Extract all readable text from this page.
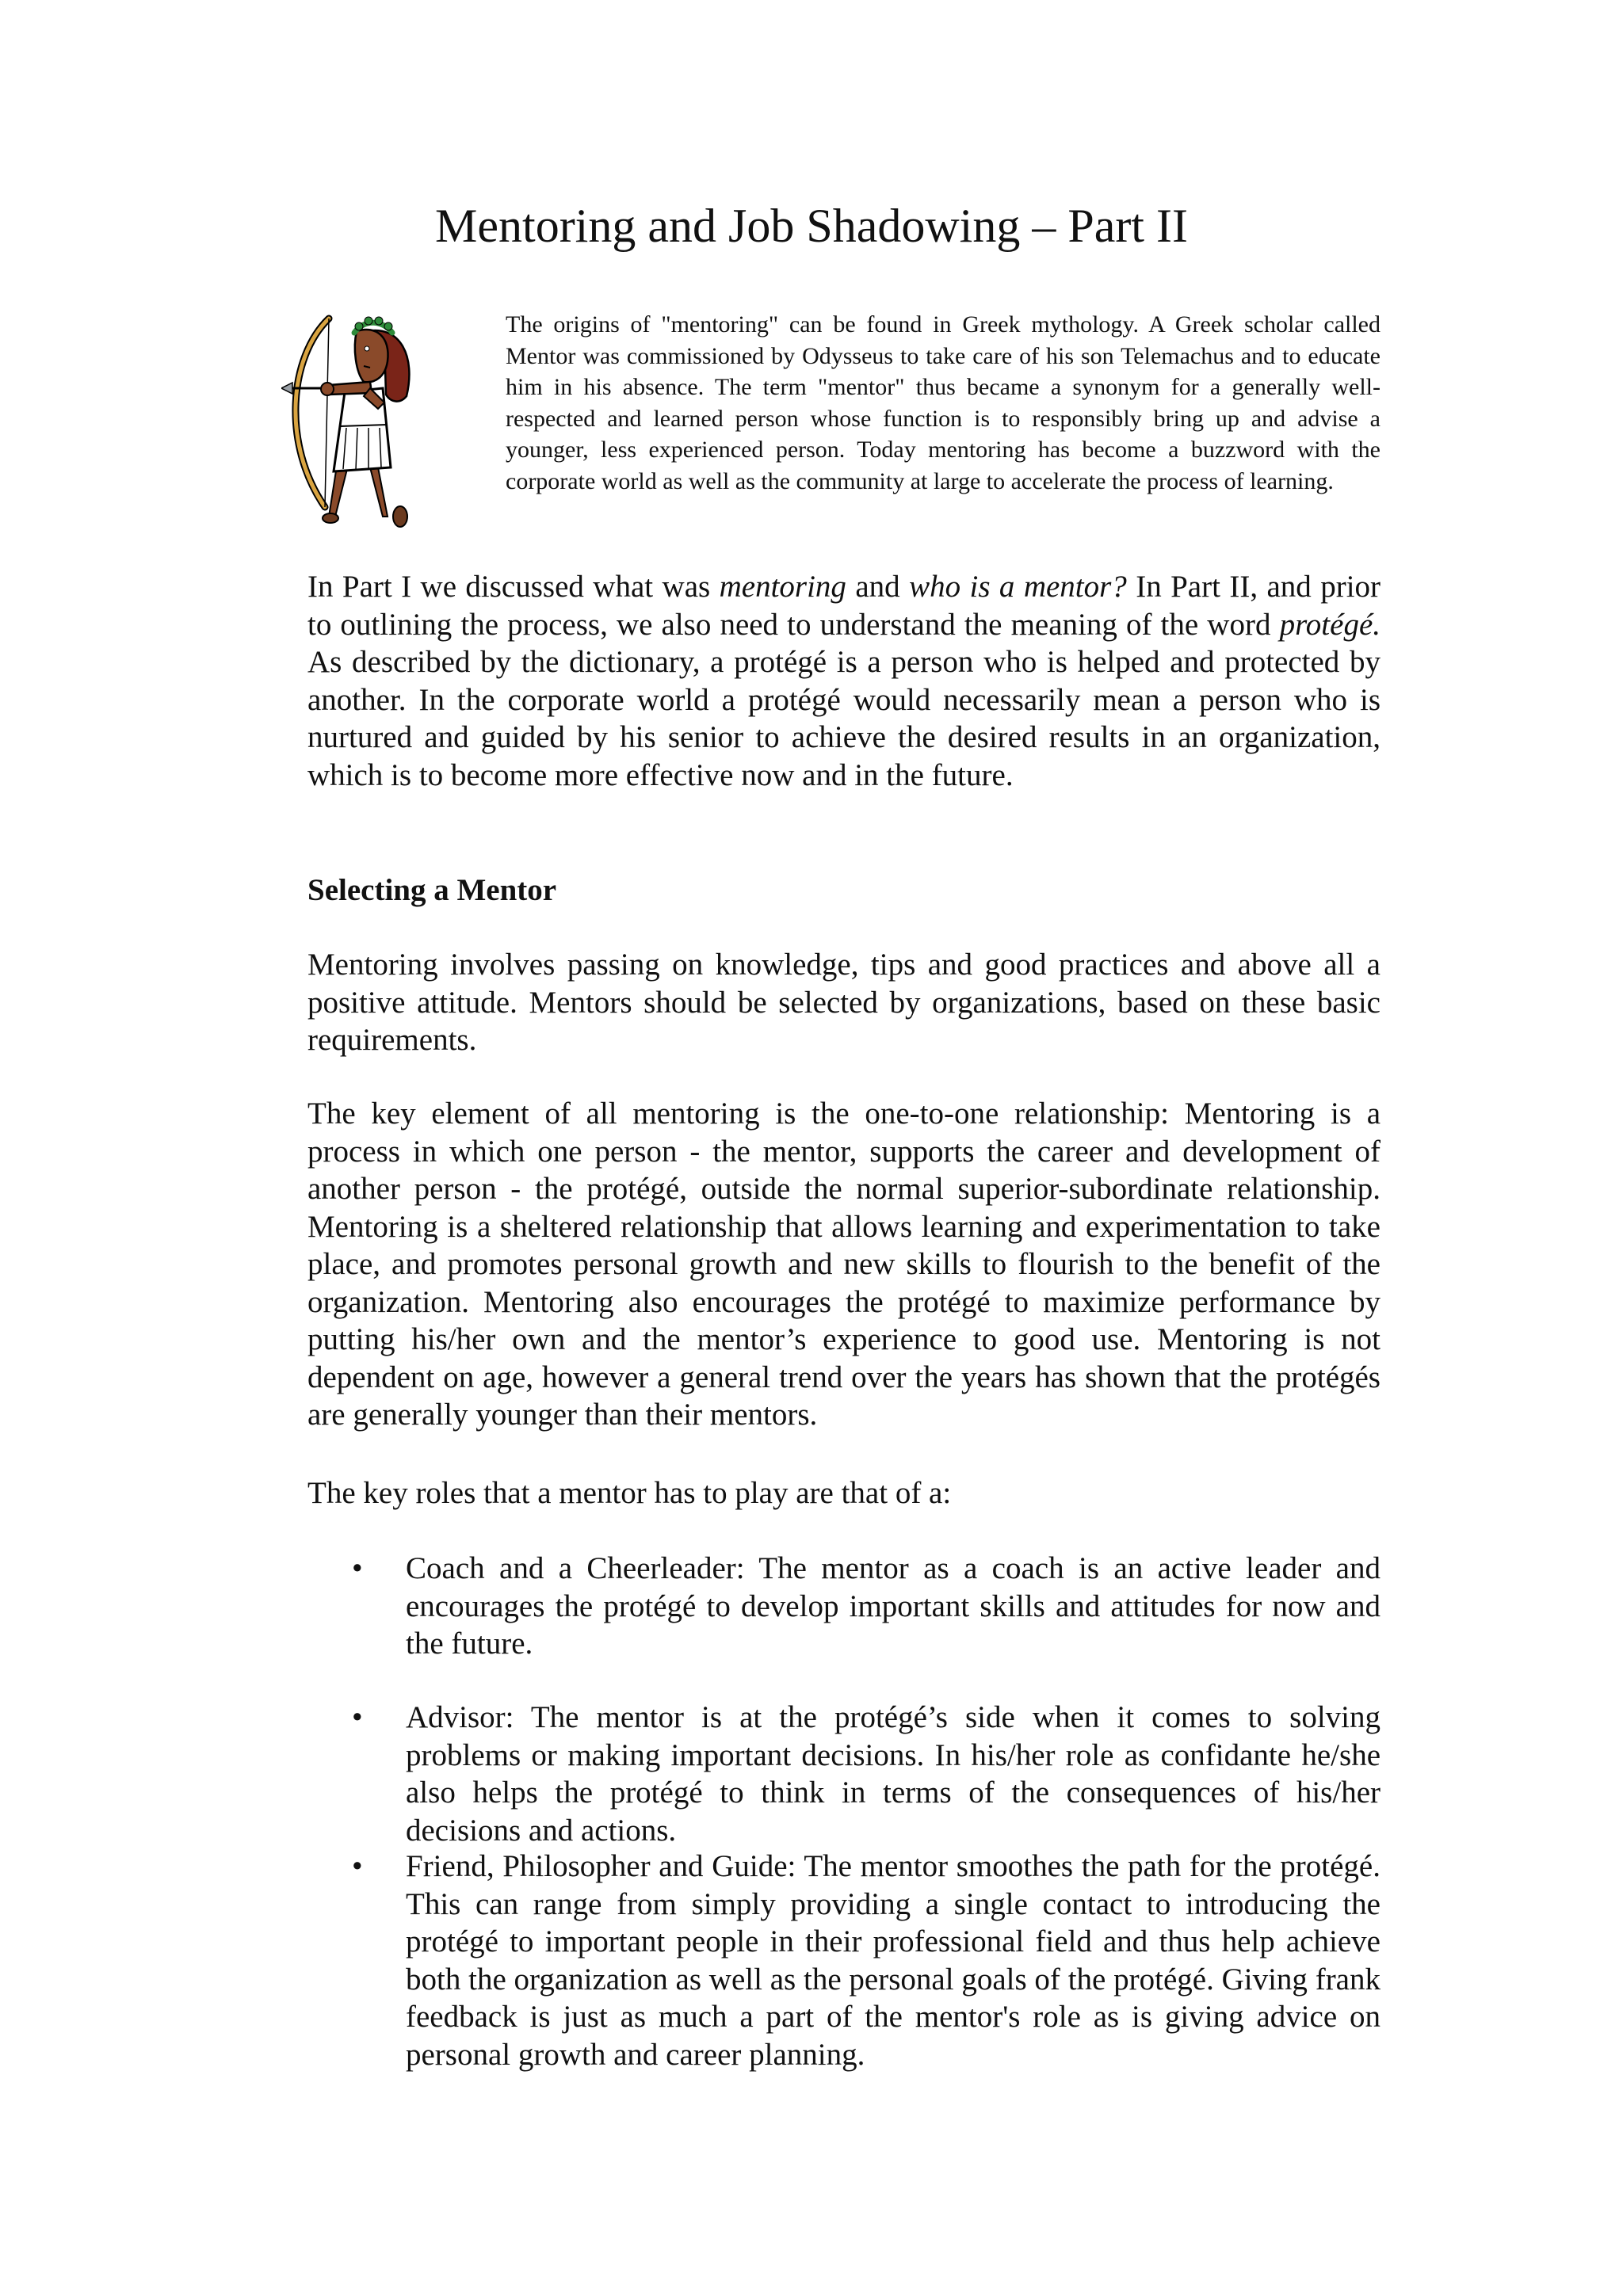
Mentoring and Job Shadowing – Part II

The origins of "mentoring" can be found in Greek mythology. A Greek scholar called Mentor was commissioned by Odysseus to take care of his son Telemachus and to educate him in his absence. The term "mentor" thus became a synonym for a generally well-respected and learned person whose function is to responsibly bring up and advise a younger, less experienced person. Today mentoring has become a buzzword with the corporate world as well as the community at large to accelerate the process of learning.

In Part I we discussed what was mentoring and who is a mentor? In Part II, and prior to outlining the process, we also need to understand the meaning of the word protégé. As described by the dictionary, a protégé is a person who is helped and protected by another. In the corporate world a protégé would necessarily mean a person who is nurtured and guided by his senior to achieve the desired results in an organization, which is to become more effective now and in the future.

Selecting a Mentor

Mentoring involves passing on knowledge, tips and good practices and above all a positive attitude. Mentors should be selected by organizations, based on these basic requirements.

The key element of all mentoring is the one-to-one relationship: Mentoring is a process in which one person - the mentor, supports the career and development of another person - the protégé, outside the normal superior-subordinate relationship. Mentoring is a sheltered relationship that allows learning and experimentation to take place, and promotes personal growth and new skills to flourish to the benefit of the organization. Mentoring also encourages the protégé to maximize performance by putting his/her own and the mentor’s experience to good use. Mentoring is not dependent on age, however a general trend over the years has shown that the protégés are generally younger than their mentors.

The key roles that a mentor has to play are that of a:

• Coach and a Cheerleader: The mentor as a coach is an active leader and encourages the protégé to develop important skills and attitudes for now and the future.

• Advisor: The mentor is at the protégé’s side when it comes to solving problems or making important decisions. In his/her role as confidante he/she also helps the protégé to think in terms of the consequences of his/her decisions and actions.

• Friend, Philosopher and Guide: The mentor smoothes the path for the protégé. This can range from simply providing a single contact to introducing the protégé to important people in their professional field and thus help achieve both the organization as well as the personal goals of the protégé. Giving frank feedback is just as much a part of the mentor's role as is giving advice on personal growth and career planning.
